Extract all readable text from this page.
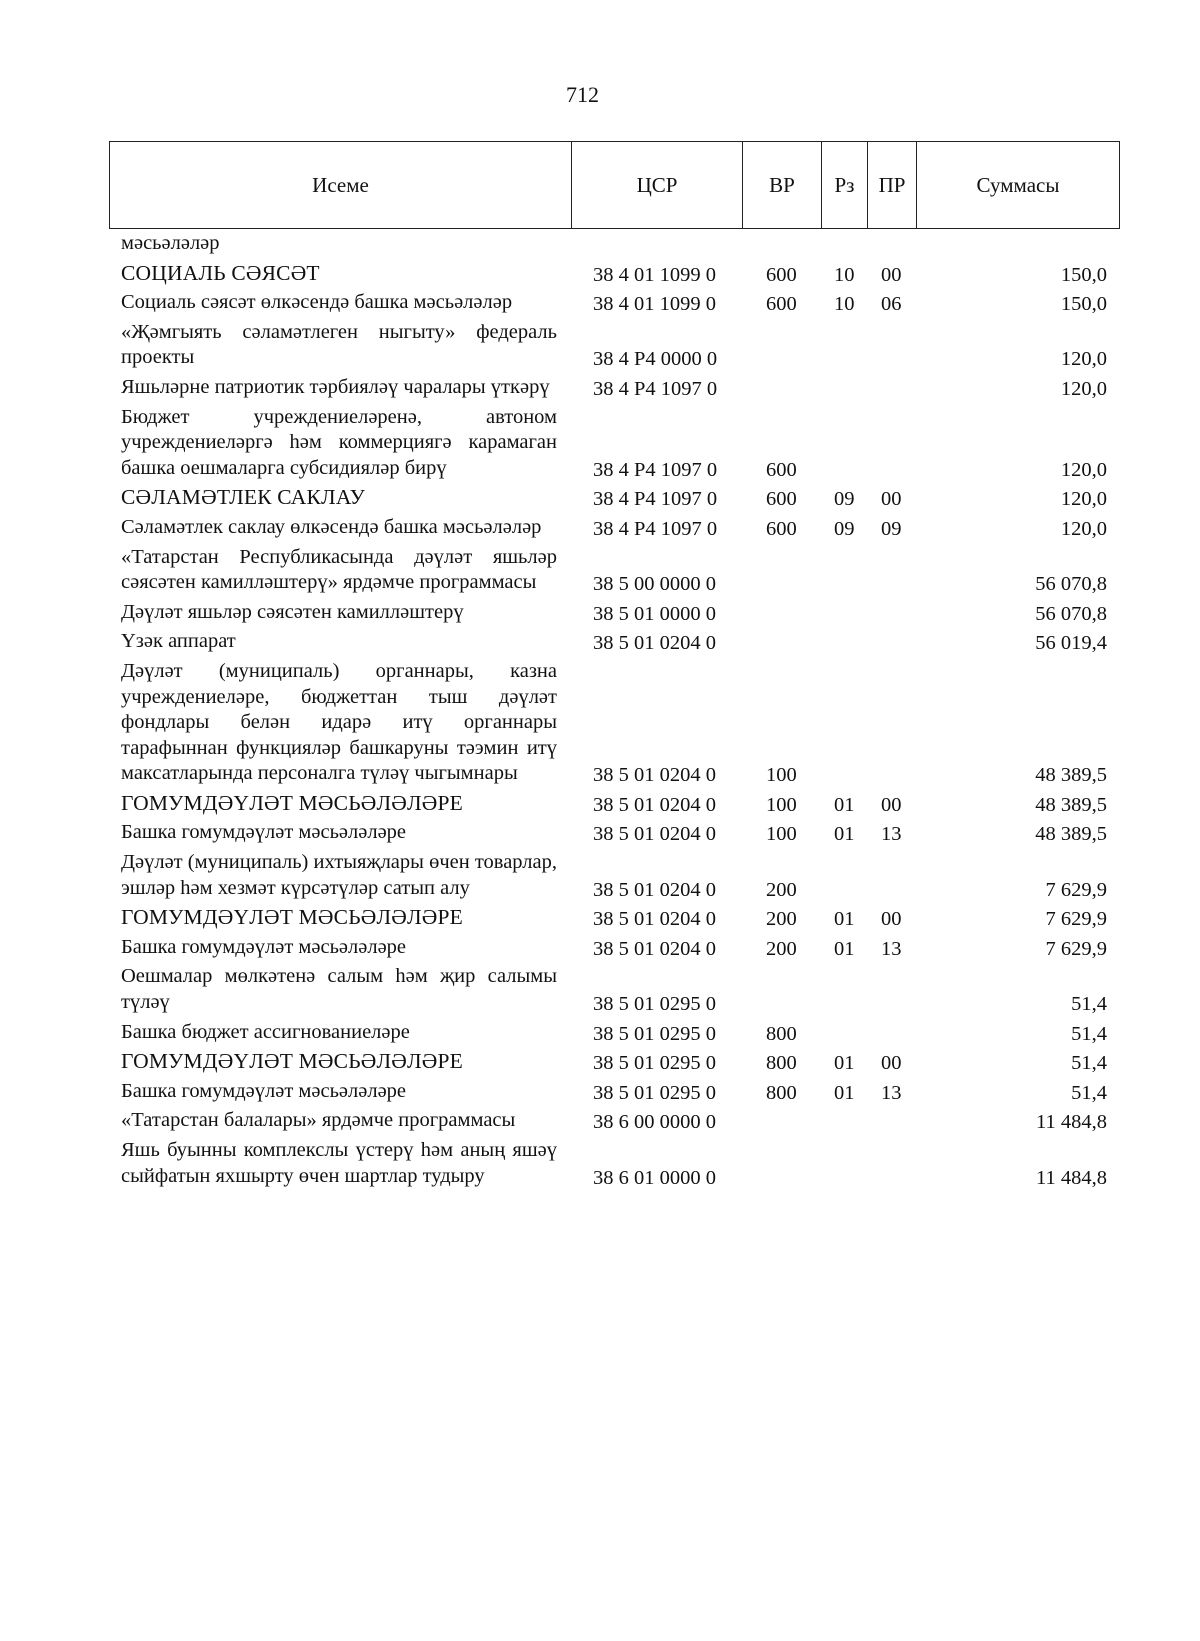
712
Исеме	ЦСР	ВР	Рз	ПР	Суммасы
мәсьәләләр					
СОЦИАЛЬ СӘЯСӘТ	38 4 01 1099 0	600	10	00	150,0
Социаль сәясәт өлкәсендә башка мәсьәләләр	38 4 01 1099 0	600	10	06	150,0
«Җәмгыять сәламәтлеген ныгыту» федераль проекты	38 4 Р4 0000 0				120,0
Яшьләрне патриотик тәрбияләү чаралары үткәрү	38 4 Р4 1097 0				120,0
Бюджет учреждениеләренә, автоном учреждениеләргә һәм коммерциягә карамаган башка оешмаларга субсидияләр бирү	38 4 Р4 1097 0	600			120,0
СӘЛАМӘТЛЕК САКЛАУ	38 4 Р4 1097 0	600	09	00	120,0
Сәламәтлек саклау өлкәсендә башка мәсьәләләр	38 4 Р4 1097 0	600	09	09	120,0
«Татарстан Республикасында дәүләт яшьләр сәясәтен камилләштерү» ярдәмче программасы	38 5 00 0000 0				56 070,8
Дәүләт яшьләр сәясәтен камилләштерү	38 5 01 0000 0				56 070,8
Үзәк аппарат	38 5 01 0204 0				56 019,4
Дәүләт (муниципаль) органнары, казна учреждениеләре, бюджеттан тыш дәүләт фондлары белән идарә итү органнары тарафыннан функцияләр башкаруны тәэмин итү максатларында персоналга түләү чыгымнары	38 5 01 0204 0	100			48 389,5
ГОМУМДӘҮЛӘТ МӘСЬӘЛӘЛӘРЕ	38 5 01 0204 0	100	01	00	48 389,5
Башка гомумдәүләт мәсьәләләре	38 5 01 0204 0	100	01	13	48 389,5
Дәүләт (муниципаль) ихтыяҗлары өчен товарлар, эшләр һәм хезмәт күрсәтүләр сатып алу	38 5 01 0204 0	200			7 629,9
ГОМУМДӘҮЛӘТ МӘСЬӘЛӘЛӘРЕ	38 5 01 0204 0	200	01	00	7 629,9
Башка гомумдәүләт мәсьәләләре	38 5 01 0204 0	200	01	13	7 629,9
Оешмалар мөлкәтенә салым һәм җир салымы түләү	38 5 01 0295 0				51,4
Башка бюджет ассигнованиеләре	38 5 01 0295 0	800			51,4
ГОМУМДӘҮЛӘТ МӘСЬӘЛӘЛӘРЕ	38 5 01 0295 0	800	01	00	51,4
Башка гомумдәүләт мәсьәләләре	38 5 01 0295 0	800	01	13	51,4
«Татарстан балалары» ярдәмче программасы	38 6 00 0000 0				11 484,8
Яшь буынны комплекслы үстерү һәм аның яшәү сыйфатын яхшырту өчен шартлар тудыру	38 6 01 0000 0				11 484,8
